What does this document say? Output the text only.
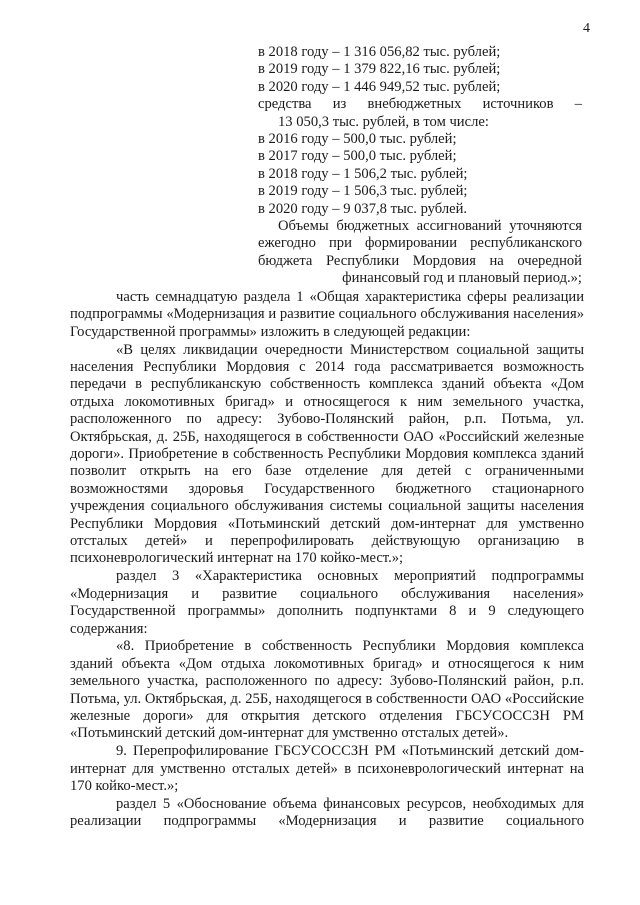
4
в 2018 году – 1 316 056,82 тыс. рублей;
в 2019 году – 1 379 822,16 тыс. рублей;
в 2020 году – 1 446 949,52 тыс. рублей;
средства из внебюджетных источников –
13 050,3 тыс. рублей, в том числе:
в 2016 году – 500,0 тыс. рублей;
в 2017 году – 500,0 тыс. рублей;
в 2018 году – 1 506,2 тыс. рублей;
в 2019 году – 1 506,3 тыс. рублей;
в 2020 году – 9 037,8 тыс. рублей.
Объемы бюджетных ассигнований уточняются
ежегодно при формировании республиканского
бюджета Республики Мордовия на очередной
финансовый год и плановый период.»;

часть семнадцатую раздела 1 «Общая характеристика сферы реализации подпрограммы «Модернизация и развитие социального обслуживания населения» Государственной программы» изложить в следующей редакции:

«В целях ликвидации очередности Министерством социальной защиты населения Республики Мордовия с 2014 года рассматривается возможность передачи в республиканскую собственность комплекса зданий объекта «Дом отдыха локомотивных бригад» и относящегося к ним земельного участка, расположенного по адресу: Зубово-Полянский район, р.п. Потьма, ул. Октябрьская, д. 25Б, находящегося в собственности ОАО «Российский железные дороги». Приобретение в собственность Республики Мордовия комплекса зданий позволит открыть на его базе отделение для детей с ограниченными возможностями здоровья Государственного бюджетного стационарного учреждения социального обслуживания системы социальной защиты населения Республики Мордовия «Потьминский детский дом-интернат для умственно отсталых детей» и перепрофилировать действующую организацию в психоневрологический интернат на 170 койко-мест.»;

раздел 3 «Характеристика основных мероприятий подпрограммы «Модернизация и развитие социального обслуживания населения» Государственной программы» дополнить подпунктами 8 и 9 следующего содержания:

«8. Приобретение в собственность Республики Мордовия комплекса зданий объекта «Дом отдыха локомотивных бригад» и относящегося к ним земельного участка, расположенного по адресу: Зубово-Полянский район, р.п. Потьма, ул. Октябрьская, д. 25Б, находящегося в собственности ОАО «Российские железные дороги» для открытия детского отделения ГБСУСОССЗН РМ «Потьминский детский дом-интернат для умственно отсталых детей».

9. Перепрофилирование ГБСУСОССЗН РМ «Потьминский детский дом-интернат для умственно отсталых детей» в психоневрологический интернат на 170 койко-мест.»;

раздел 5 «Обоснование объема финансовых ресурсов, необходимых для реализации подпрограммы «Модернизация и развитие социального
